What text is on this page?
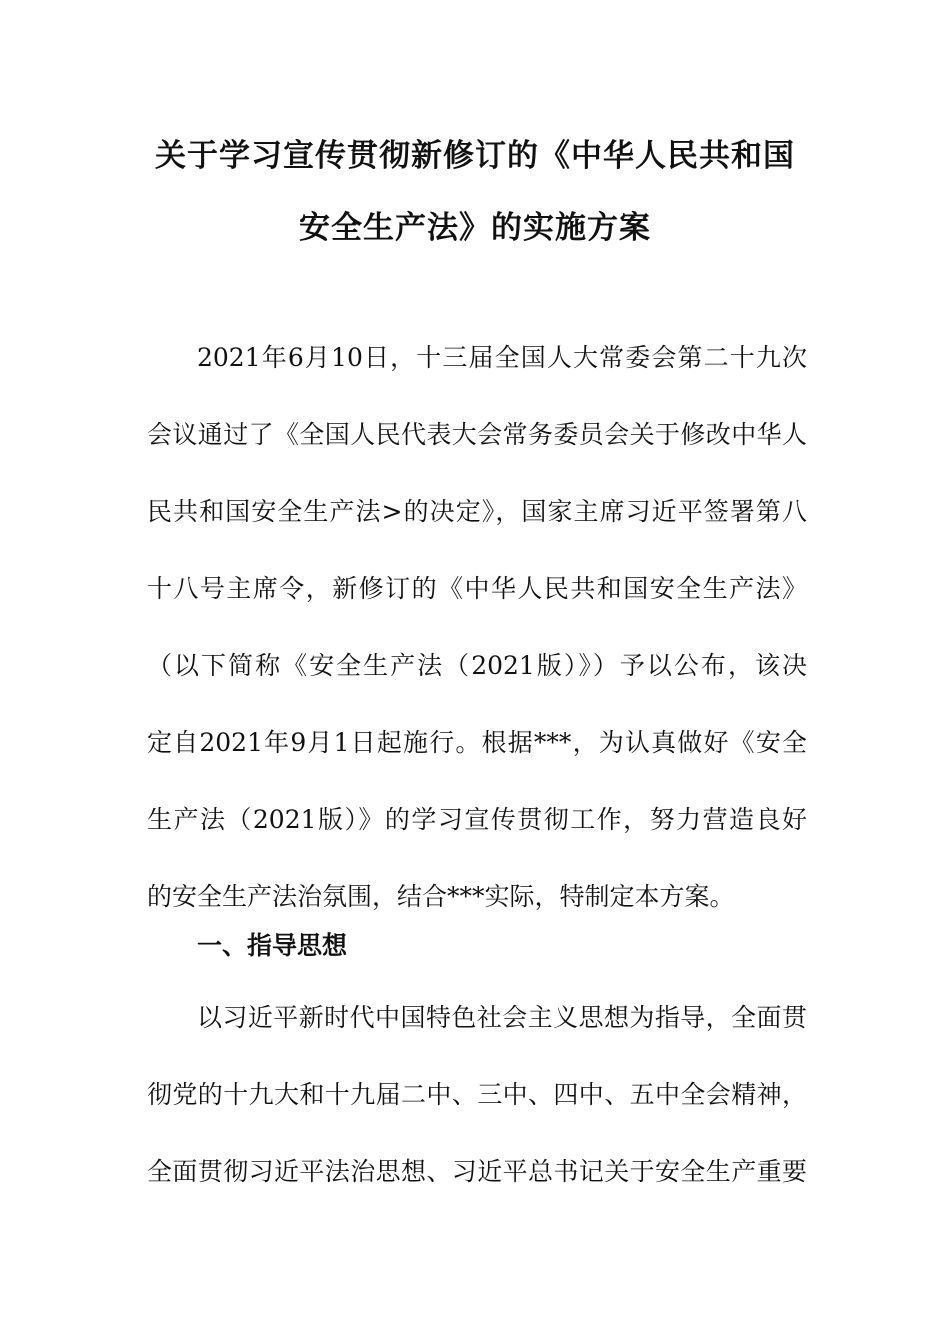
关于学习宣传贯彻新修订的《中华人民共和国
安全生产法》的实施方案
2021年6月10日，十三届全国人大常委会第二十九次
会议通过了《全国人民代表大会常务委员会关于修改中华人
民共和国安全生产法>的决定》，国家主席习近平签署第八
十八号主席令，新修订的《中华人民共和国安全生产法》
（以下简称《安全生产法（2021版）》）予以公布，该决
定自2021年9月1日起施行。根据***，为认真做好《安全
生产法（2021版）》的学习宣传贯彻工作，努力营造良好
的安全生产法治氛围，结合***实际，特制定本方案。
一、指导思想
以习近平新时代中国特色社会主义思想为指导，全面贯
彻党的十九大和十九届二中、三中、四中、五中全会精神，
全面贯彻习近平法治思想、习近平总书记关于安全生产重要
